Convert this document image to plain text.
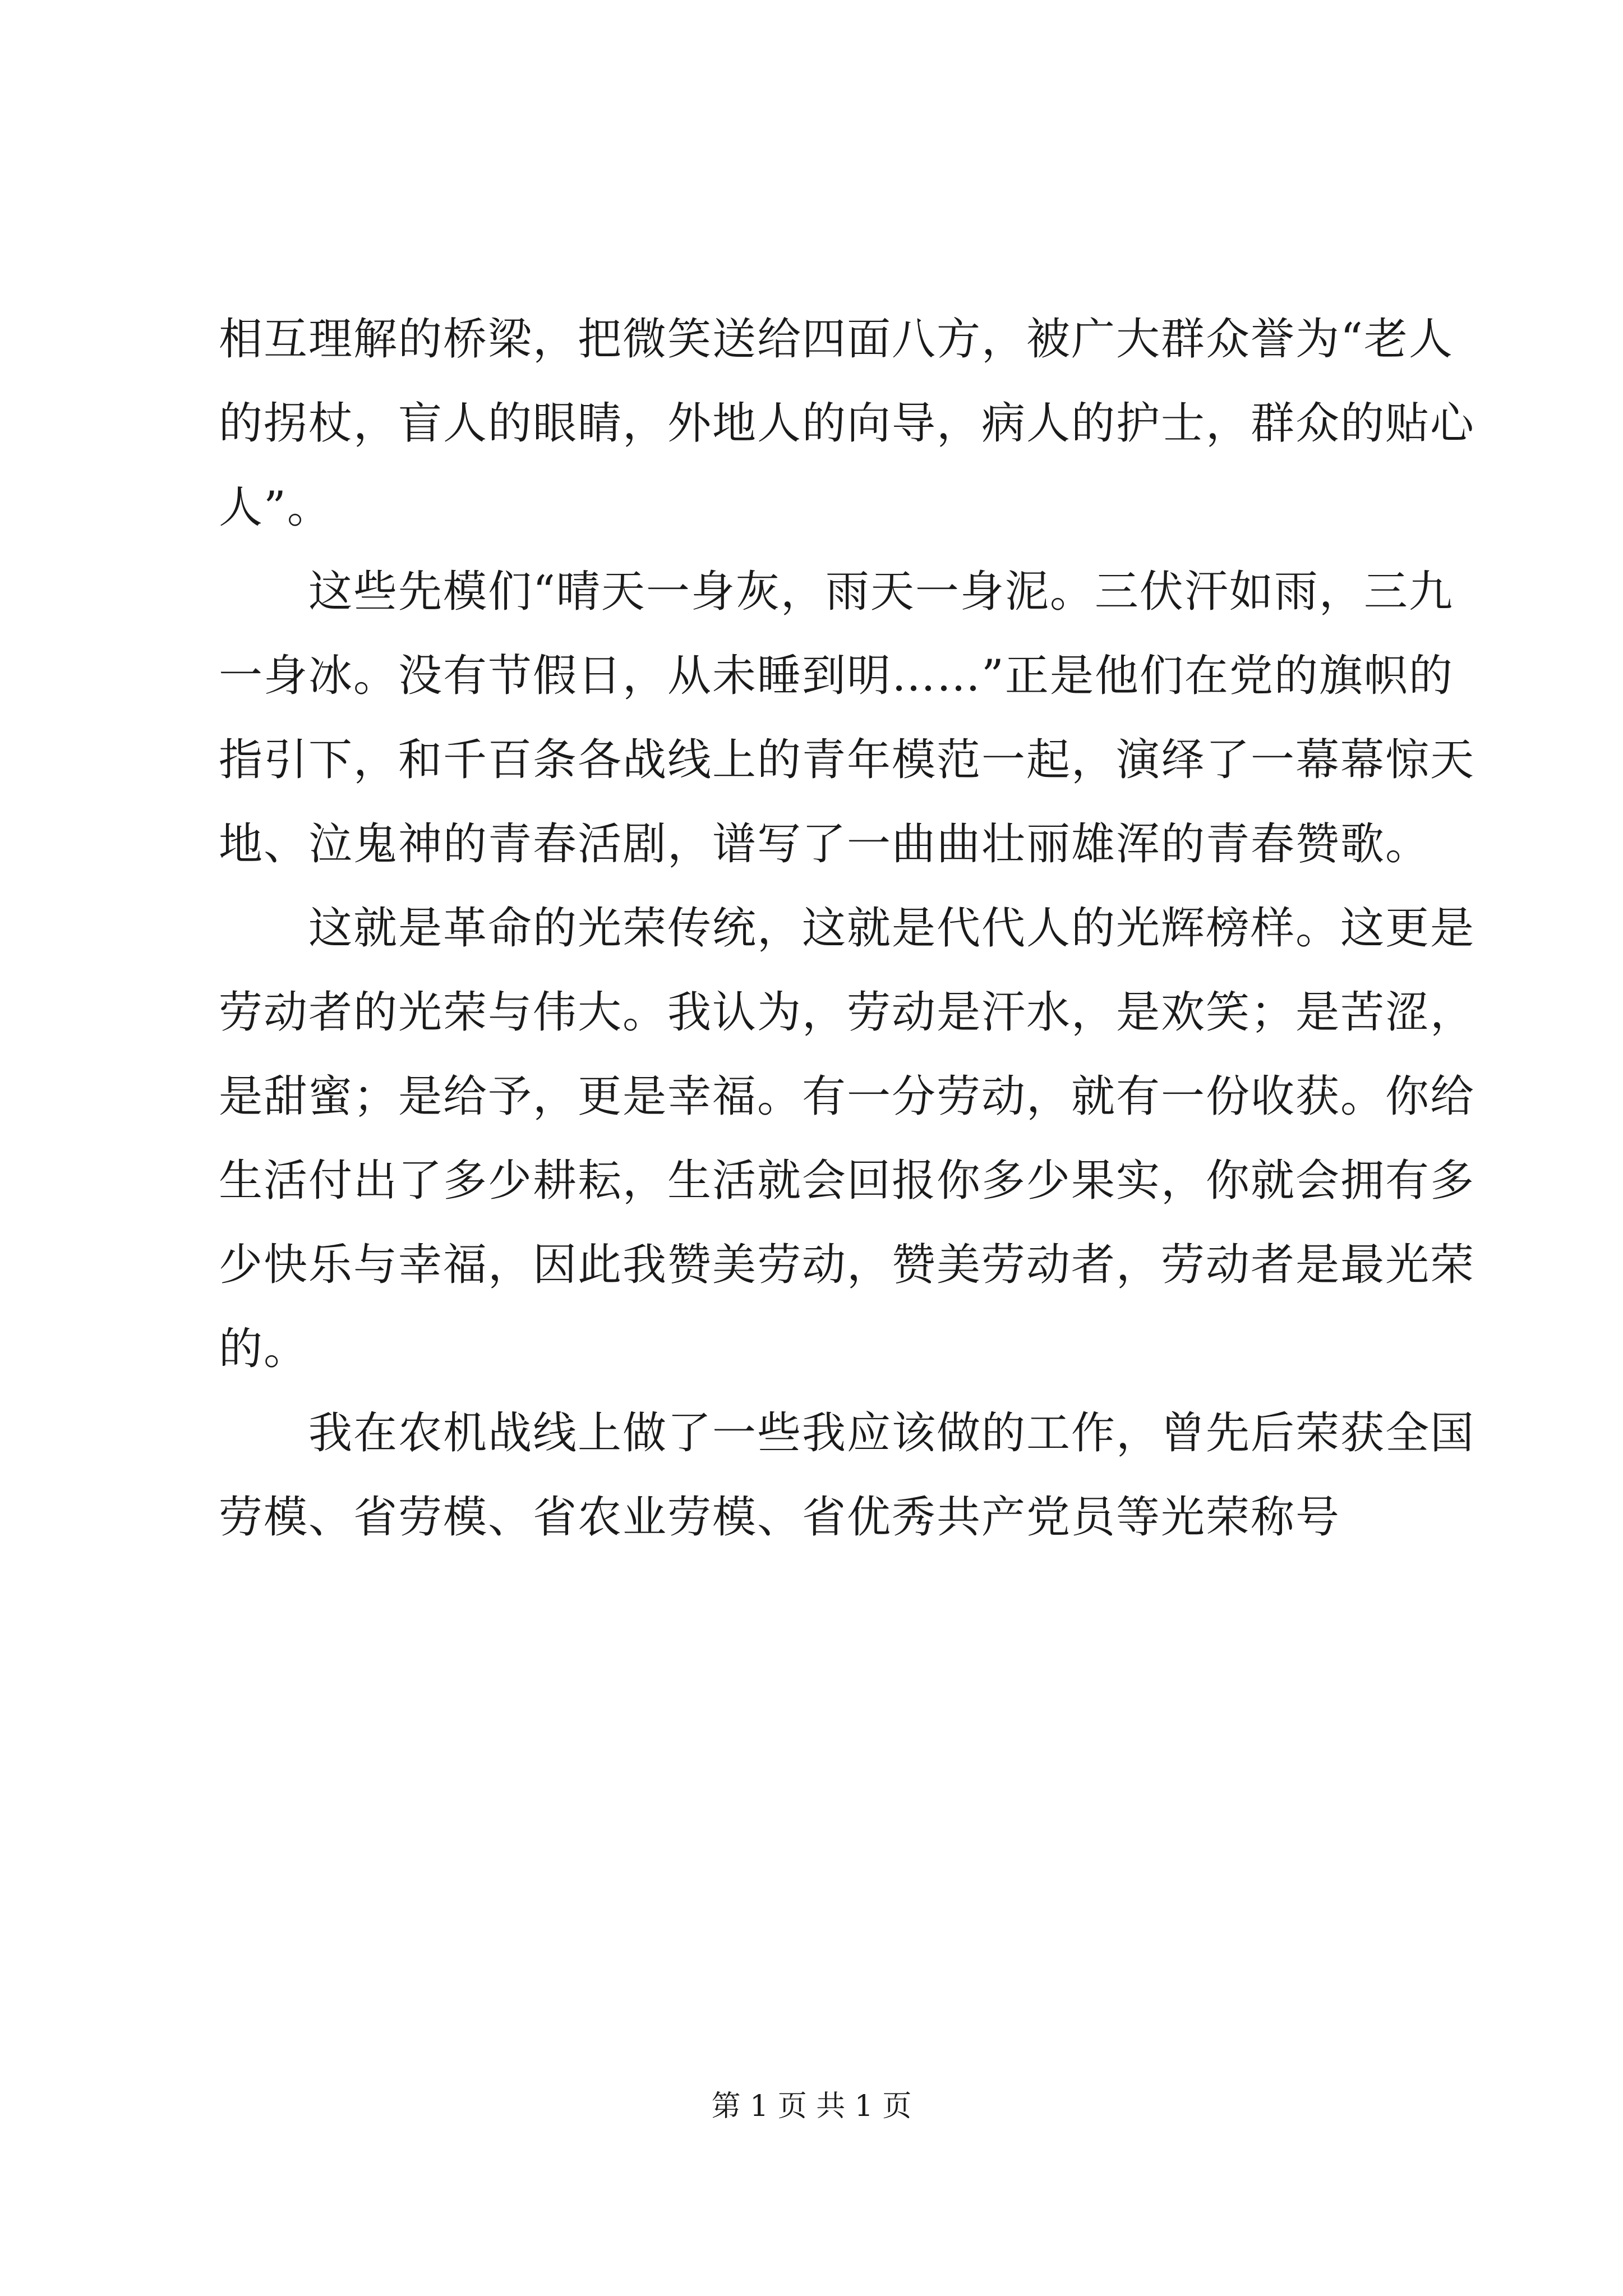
相互理解的桥梁，把微笑送给四面八方，被广大群众誉为“老人
的拐杖，盲人的眼睛，外地人的向导，病人的护士，群众的贴心
人”。
　　这些先模们“晴天一身灰，雨天一身泥。三伏汗如雨，三九
一身冰。没有节假日，从未睡到明……”正是他们在党的旗帜的
指引下，和千百条各战线上的青年模范一起，演绎了一幕幕惊天
地、泣鬼神的青春活剧，谱写了一曲曲壮丽雄浑的青春赞歌。
　　这就是革命的光荣传统，这就是代代人的光辉榜样。这更是
劳动者的光荣与伟大。我认为，劳动是汗水，是欢笑；是苦涩，
是甜蜜；是给予，更是幸福。有一分劳动，就有一份收获。你给
生活付出了多少耕耘，生活就会回报你多少果实，你就会拥有多
少快乐与幸福，因此我赞美劳动，赞美劳动者，劳动者是最光荣
的。
　　我在农机战线上做了一些我应该做的工作，曾先后荣获全国
劳模、省劳模、省农业劳模、省优秀共产党员等光荣称号
第 1 页 共 1 页
